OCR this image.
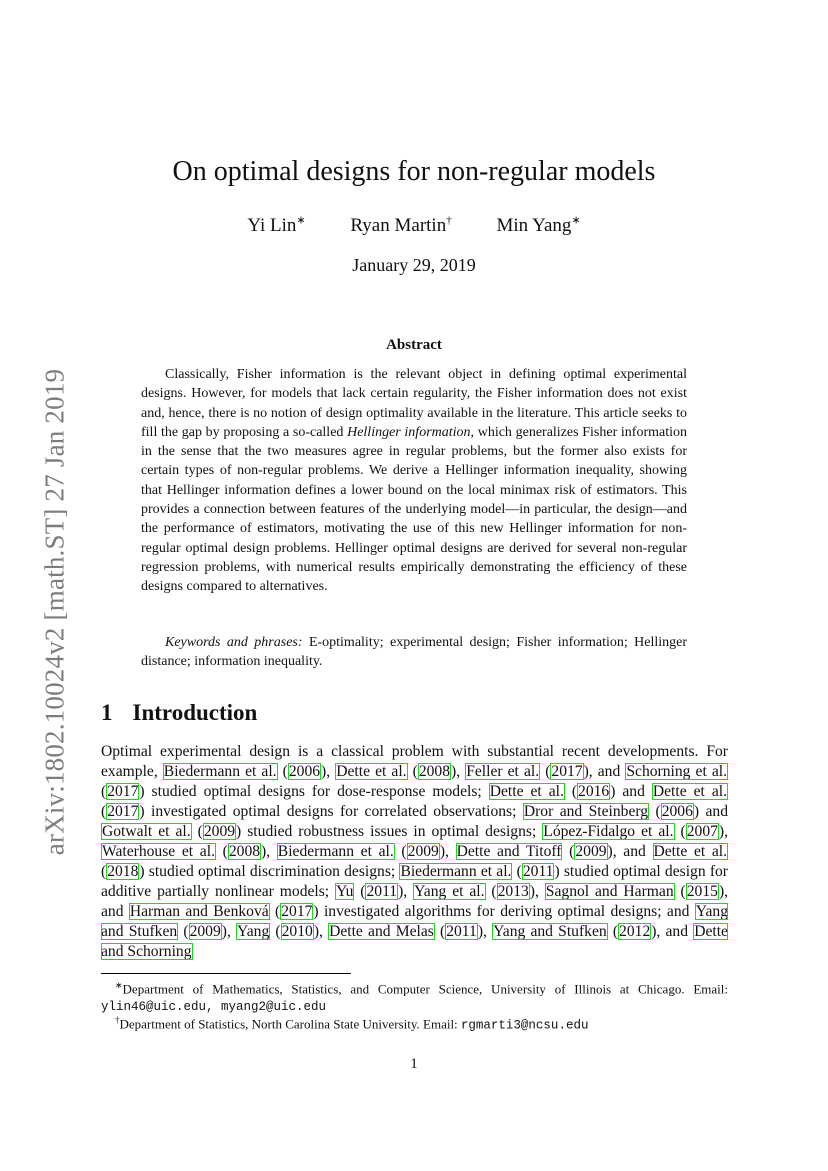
arXiv:1802.10024v2 [math.ST] 27 Jan 2019
On optimal designs for non-regular models
Yi Lin∗ Ryan Martin† Min Yang∗
January 29, 2019
Abstract

Classically, Fisher information is the relevant object in defining optimal experimental designs. However, for models that lack certain regularity, the Fisher information does not exist and, hence, there is no notion of design optimality available in the literature. This article seeks to fill the gap by proposing a so-called Hellinger information, which generalizes Fisher information in the sense that the two measures agree in regular problems, but the former also exists for certain types of non-regular problems. We derive a Hellinger information inequality, showing that Hellinger information defines a lower bound on the local minimax risk of estimators. This provides a connection between features of the underlying model—in particular, the design—and the performance of estimators, motivating the use of this new Hellinger information for non-regular optimal design problems. Hellinger optimal designs are derived for several non-regular regression problems, with numerical results empirically demonstrating the efficiency of these designs compared to alternatives.

Keywords and phrases: E-optimality; experimental design; Fisher information; Hellinger distance; information inequality.

1 Introduction

Optimal experimental design is a classical problem with substantial recent developments. For example, Biedermann et al. (2006), Dette et al. (2008), Feller et al. (2017), and Schorning et al. (2017) studied optimal designs for dose-response models; Dette et al. (2016) and Dette et al. (2017) investigated optimal designs for correlated observations; Dror and Steinberg (2006) and Gotwalt et al. (2009) studied robustness issues in optimal designs; López-Fidalgo et al. (2007), Waterhouse et al. (2008), Biedermann et al. (2009), Dette and Titoff (2009), and Dette et al. (2018) studied optimal discrimination designs; Biedermann et al. (2011) studied optimal design for additive partially nonlinear models; Yu (2011), Yang et al. (2013), Sagnol and Harman (2015), and Harman and Benková (2017) investigated algorithms for deriving optimal designs; and Yang and Stufken (2009), Yang (2010), Dette and Melas (2011), Yang and Stufken (2012), and Dette and Schorning

∗Department of Mathematics, Statistics, and Computer Science, University of Illinois at Chicago. Email: ylin46@uic.edu, myang2@uic.edu

†Department of Statistics, North Carolina State University. Email: rgmarti3@ncsu.edu

1
